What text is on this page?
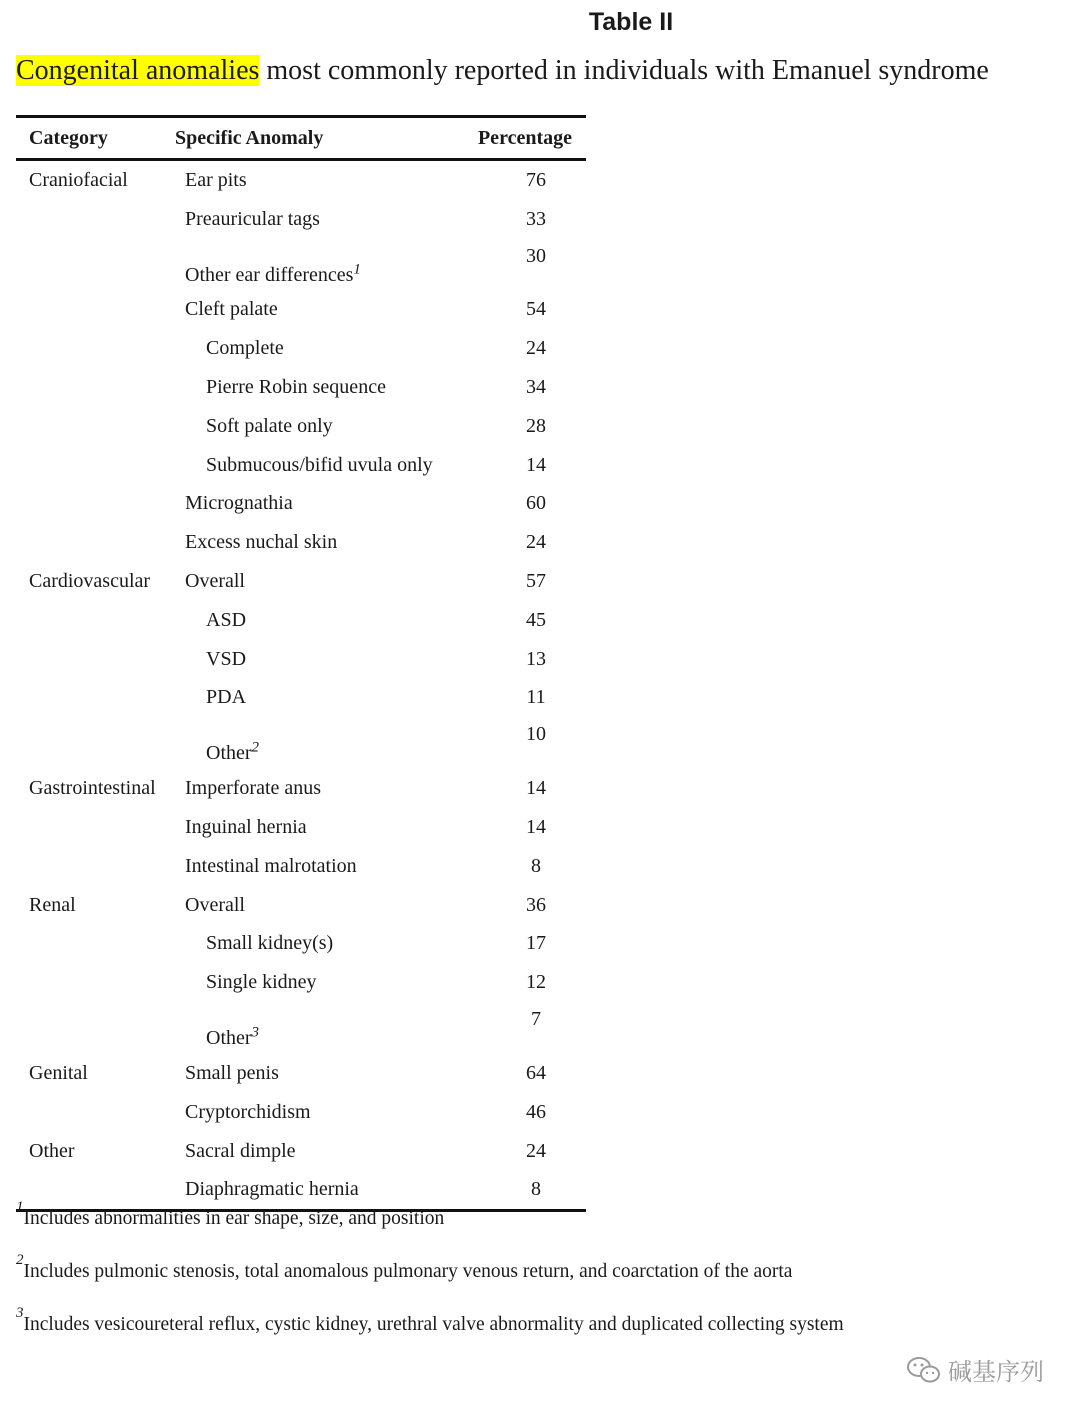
Table II
Congenital anomalies most commonly reported in individuals with Emanuel syndrome
Category	Specific Anomaly	Percentage
Craniofacial	Ear pits	76
	Preauricular tags	33
	Other ear differences$^1$	30
	Cleft palate	54
	Complete	24
	Pierre Robin sequence	34
	Soft palate only	28
	Submucous/bifid uvula only	14
	Micrognathia	60
	Excess nuchal skin	24
Cardiovascular	Overall	57
	ASD	45
	VSD	13
	PDA	11
	Other$^2$	10
Gastrointestinal	Imperforate anus	14
	Inguinal hernia	14
	Intestinal malrotation	8
Renal	Overall	36
	Small kidney(s)	17
	Single kidney	12
	Other$^3$	7
Genital	Small penis	64
	Cryptorchidism	46
Other	Sacral dimple	24
	Diaphragmatic hernia	8
$^1$Includes abnormalities in ear shape, size, and position
$^2$Includes pulmonic stenosis, total anomalous pulmonary venous return, and coarctation of the aorta
$^3$Includes vesicoureteral reflux, cystic kidney, urethral valve abnormality and duplicated collecting system
碱基序列
